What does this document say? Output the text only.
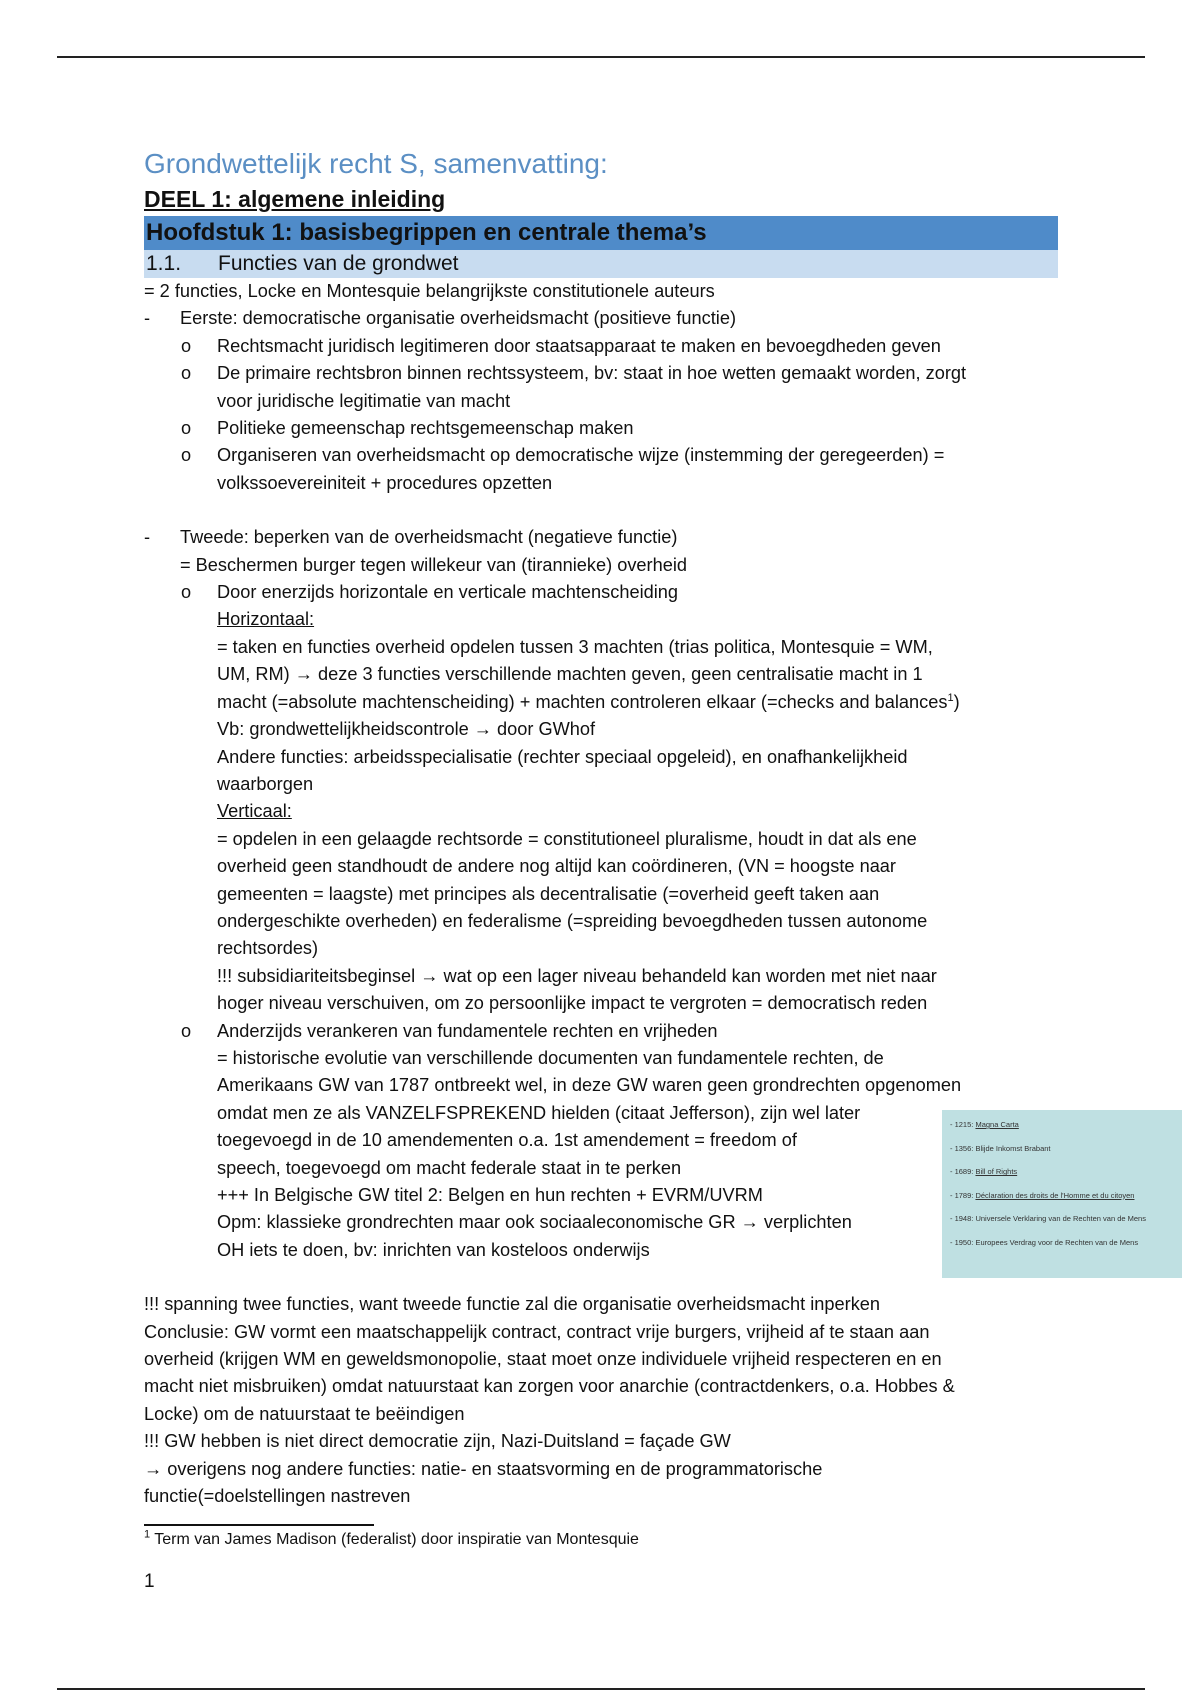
Grondwettelijk recht S, samenvatting:
DEEL 1: algemene inleiding
Hoofdstuk 1: basisbegrippen en centrale thema’s
1.1. Functies van de grondwet
= 2 functies, Locke en Montesquie belangrijkste constitutionele auteurs
- Eerste: democratische organisatie overheidsmacht (positieve functie)
o Rechtsmacht juridisch legitimeren door staatsapparaat te maken en bevoegdheden geven
o De primaire rechtsbron binnen rechtssysteem, bv: staat in hoe wetten gemaakt worden, zorgt
voor juridische legitimatie van macht
o Politieke gemeenschap rechtsgemeenschap maken
o Organiseren van overheidsmacht op democratische wijze (instemming der geregeerden) =
volkssoevereiniteit + procedures opzetten
- Tweede: beperken van de overheidsmacht (negatieve functie)
= Beschermen burger tegen willekeur van (tirannieke) overheid
o Door enerzijds horizontale en verticale machtenscheiding
Horizontaal:
= taken en functies overheid opdelen tussen 3 machten (trias politica, Montesquie = WM,
UM, RM) → deze 3 functies verschillende machten geven, geen centralisatie macht in 1
macht (=absolute machtenscheiding) + machten controleren elkaar (=checks and balances$^1$)
Vb: grondwettelijkheidscontrole → door GWhof
Andere functies: arbeidsspecialisatie (rechter speciaal opgeleid), en onafhankelijkheid
waarborgen
Verticaal:
= opdelen in een gelaagde rechtsorde = constitutioneel pluralisme, houdt in dat als ene
overheid geen standhoudt de andere nog altijd kan coördineren, (VN = hoogste naar
gemeenten = laagste) met principes als decentralisatie (=overheid geeft taken aan
ondergeschikte overheden) en federalisme (=spreiding bevoegdheden tussen autonome
rechtsordes)
!!! subsidiariteitsbeginsel → wat op een lager niveau behandeld kan worden met niet naar
hoger niveau verschuiven, om zo persoonlijke impact te vergroten = democratisch reden
o Anderzijds verankeren van fundamentele rechten en vrijheden
= historische evolutie van verschillende documenten van fundamentele rechten, de
Amerikaans GW van 1787 ontbreekt wel, in deze GW waren geen grondrechten opgenomen
omdat men ze als VANZELFSPREKEND hielden (citaat Jefferson), zijn wel later
toegevoegd in de 10 amendementen o.a. 1st amendement = freedom of
speech, toegevoegd om macht federale staat in te perken
+++ In Belgische GW titel 2: Belgen en hun rechten + EVRM/UVRM
Opm: klassieke grondrechten maar ook sociaaleconomische GR → verplichten
OH iets te doen, bv: inrichten van kosteloos onderwijs
!!! spanning twee functies, want tweede functie zal die organisatie overheidsmacht inperken
Conclusie: GW vormt een maatschappelijk contract, contract vrije burgers, vrijheid af te staan aan
overheid (krijgen WM en geweldsmonopolie, staat moet onze individuele vrijheid respecteren en en
macht niet misbruiken) omdat natuurstaat kan zorgen voor anarchie (contractdenkers, o.a. Hobbes &
Locke) om de natuurstaat te beëindigen
!!! GW hebben is niet direct democratie zijn, Nazi-Duitsland = façade GW
→ overigens nog andere functies: natie- en staatsvorming en de programmatorische
functie(=doelstellingen nastreven
$^1$ Term van James Madison (federalist) door inspiratie van Montesquie
1
- 1215: Magna Carta
- 1356: Blijde Inkomst Brabant
- 1689: Bill of Rights
- 1789: Déclaration des droits de l'Homme et du citoyen
- 1948: Universele Verklaring van de Rechten van de Mens
- 1950: Europees Verdrag voor de Rechten van de Mens
